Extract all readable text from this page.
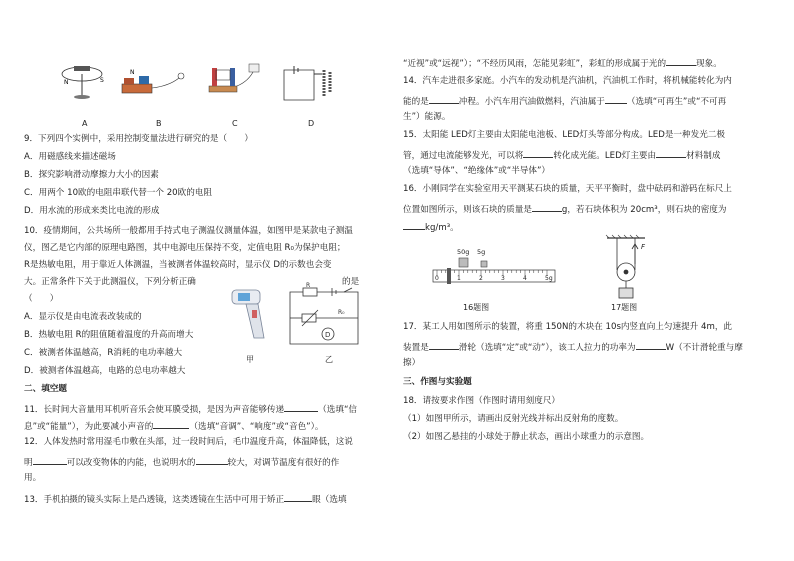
N	S
N
A	B	C	D
9．下列四个实例中，采用控制变量法进行研究的是（　　）
A．用磁感线来描述磁场
B．探究影响滑动摩擦力大小的因素
C．用两个 10欧的电阻串联代替一个 20欧的电阻
D．用水流的形成来类比电流的形成
10．疫情期间，公共场所一般都用手持式电子测温仪测量体温，如图甲是某款电子测温
仪，图乙是它内部的原理电路图，其中电源电压保持不变，定值电阻 R₀为保护电阻；
R是热敏电阻，用于靠近人体测温，当被测者体温较高时，显示仪 D的示数也会变
大。正常条件下关于此测温仪，下列分析正确	的是
（　　）
A．显示仪是由电流表改装成的
B．热敏电阻 R的阻值随着温度的升高而增大
C．被测者体温越高，R消耗的电功率越大
D．被测者体温越高，电路的总电功率越大
D
R
R₀
甲	乙
二、填空题
11．长时间大音量用耳机听音乐会使耳膜受损，是因为声音能够传递	（选填“信
息”或“能量”），为此要减小声音的	（选填“音调”、“响度”或“音色”）。
12．人体发热时常用湿毛巾敷在头部，过一段时间后，毛巾温度升高，体温降低，这说
明	可以改变物体的内能，也说明水的	较大，对调节温度有很好的作
用。
13．手机拍摄的镜头实际上是凸透镜，这类透镜在生活中可用于矫正	眼（选填
“近视”或“远视”）；“不经历风雨，怎能见彩虹”，彩虹的形成属于光的	现象。
14．汽车走进很多家庭。小汽车的发动机是汽油机，汽油机工作时，将机械能转化为内
能的是	冲程。小汽车用汽油做燃料，汽油属于	（选填“可再生”或“不可再
生”）能源。
15．太阳能 LED灯主要由太阳能电池板、LED灯头等部分构成。LED是一种发光二极
管，通过电流能够发光，可以将	转化成光能。LED灯主要由	材料制成
（选填“导体”、“绝缘体”或“半导体”）
16．小刚同学在实验室用天平测某石块的质量，天平平衡时，盘中砝码和游码在标尺上
位置如图所示，则该石块的质量是	g，若石块体积为 20cm³，则石块的密度为
kg/m³。
50g 5g
0	1	2	3	4	5g
16题图
F
17题图
17．某工人用如图所示的装置，将重 150N的木块在 10s内竖直向上匀速提升 4m，此
装置是	滑轮（选填“定”或“动”），该工人拉力的功率为	W（不计滑轮重与摩
擦）
三、作图与实验题
18．请按要求作图（作图时请用刻度尺）
（1）如图甲所示，请画出反射光线并标出反射角的度数。
（2）如图乙悬挂的小球处于静止状态，画出小球重力的示意图。
